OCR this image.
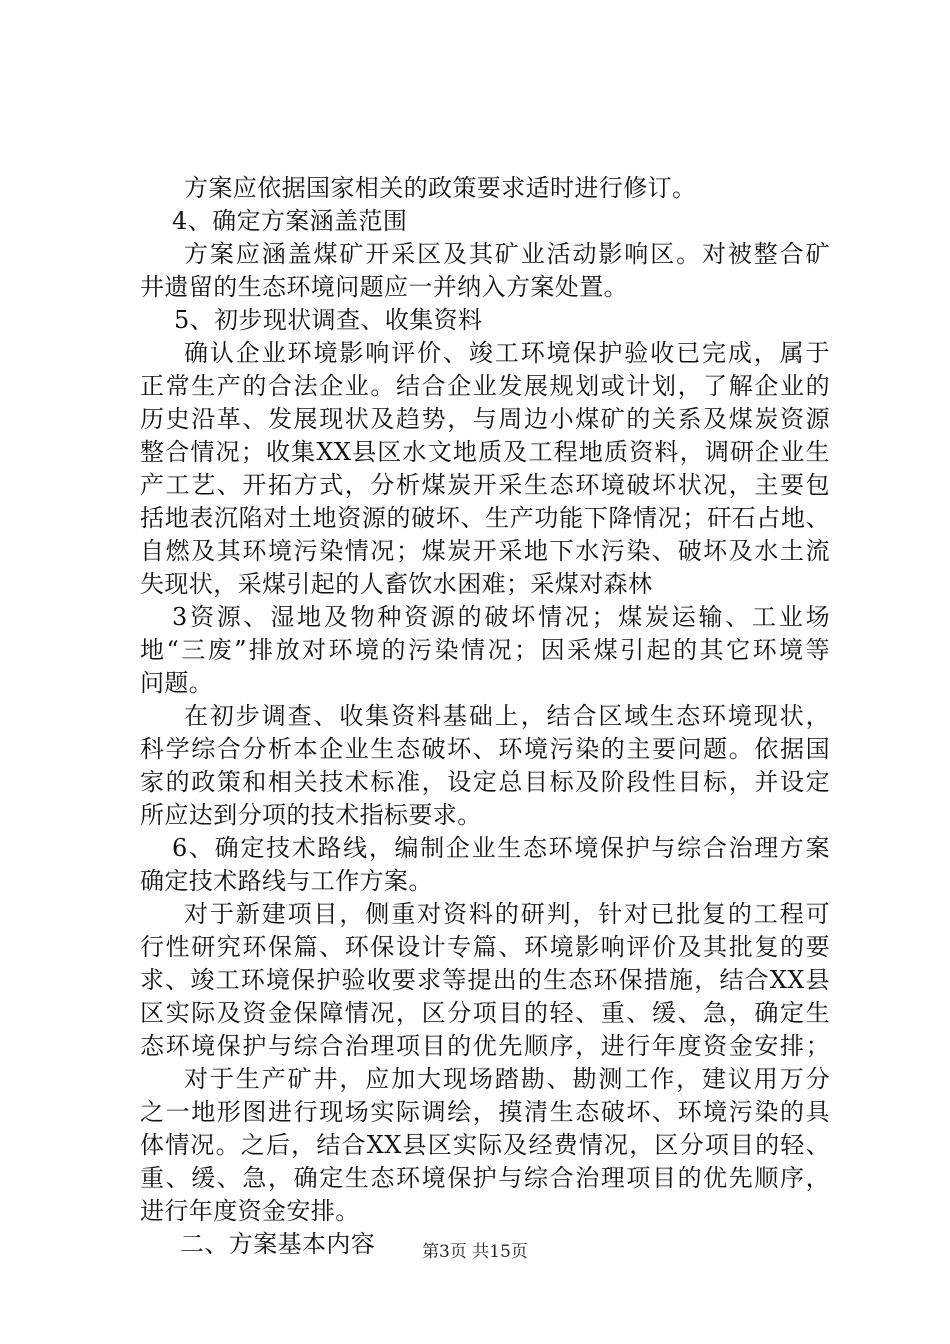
方案应依据国家相关的政策要求适时进行修订。
4、确定方案涵盖范围
方案应涵盖煤矿开采区及其矿业活动影响区。对被整合矿
井遗留的生态环境问题应一并纳入方案处置。
5、初步现状调查、收集资料
确认企业环境影响评价、竣工环境保护验收已完成，属于
正常生产的合法企业。结合企业发展规划或计划，了解企业的
历史沿革、发展现状及趋势，与周边小煤矿的关系及煤炭资源
整合情况；收集XX县区水文地质及工程地质资料，调研企业生
产工艺、开拓方式，分析煤炭开采生态环境破坏状况，主要包
括地表沉陷对土地资源的破坏、生产功能下降情况；矸石占地、
自燃及其环境污染情况；煤炭开采地下水污染、破坏及水土流
失现状，采煤引起的人畜饮水困难；采煤对森林
3资源、湿地及物种资源的破坏情况；煤炭运输、工业场
地“三废”排放对环境的污染情况；因采煤引起的其它环境等
问题。
在初步调查、收集资料基础上，结合区域生态环境现状，
科学综合分析本企业生态破坏、环境污染的主要问题。依据国
家的政策和相关技术标准，设定总目标及阶段性目标，并设定
所应达到分项的技术指标要求。
6、确定技术路线，编制企业生态环境保护与综合治理方案
确定技术路线与工作方案。
对于新建项目，侧重对资料的研判，针对已批复的工程可
行性研究环保篇、环保设计专篇、环境影响评价及其批复的要
求、竣工环境保护验收要求等提出的生态环保措施，结合XX县
区实际及资金保障情况，区分项目的轻、重、缓、急，确定生
态环境保护与综合治理项目的优先顺序，进行年度资金安排；
对于生产矿井，应加大现场踏勘、勘测工作，建议用万分
之一地形图进行现场实际调绘，摸清生态破坏、环境污染的具
体情况。之后，结合XX县区实际及经费情况，区分项目的轻、
重、缓、急，确定生态环境保护与综合治理项目的优先顺序，
进行年度资金安排。
二、方案基本内容	第3页 共15页
